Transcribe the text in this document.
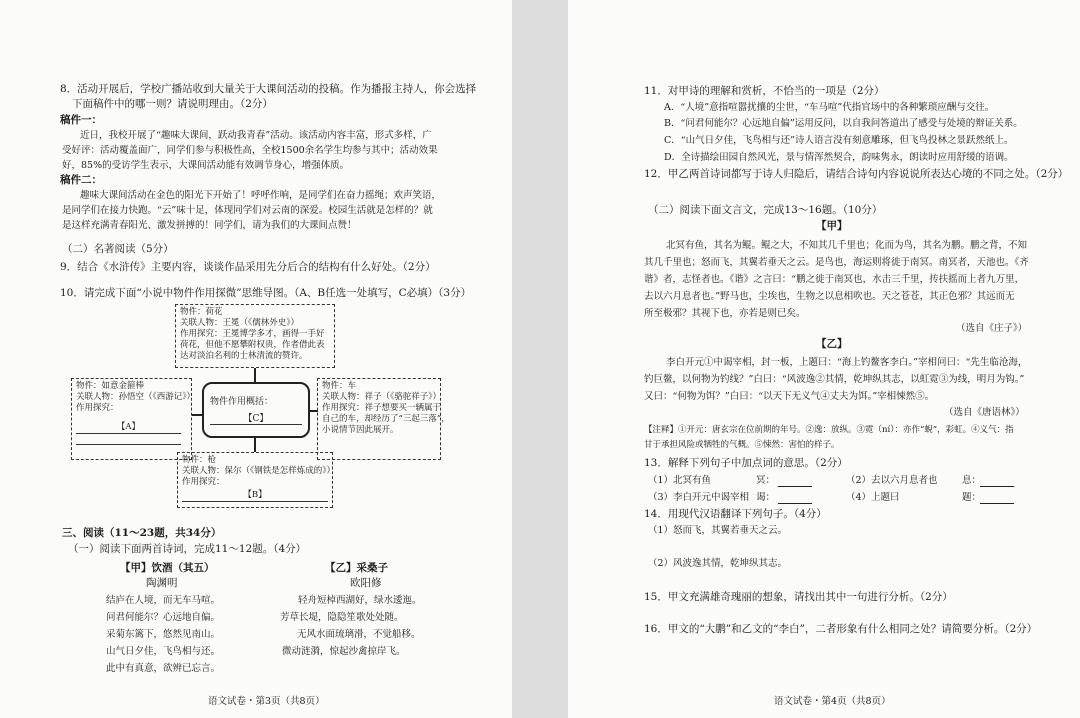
8．活动开展后，学校广播站收到大量关于大课间活动的投稿。作为播报主持人，你会选择
下面稿件中的哪一则？请说明理由。（2分）
稿件一：
近日，我校开展了“趣味大课间，跃动我青春”活动。该活动内容丰富，形式多样，广
受好评：活动覆盖面广，同学们参与积极性高，全校1500余名学生均参与其中；活动效果
好，85%的受访学生表示，大课间活动能有效调节身心，增强体质。
稿件二：
趣味大课间活动在金色的阳光下开始了！呼呼作响，是同学们在奋力摇绳；欢声笑语，
是同学们在接力快跑。“云”味十足，体现同学们对云南的深爱。校园生活就是怎样的？就
是这样充满青春阳光、激发拼搏的！同学们，请为我们的大课间点赞！
（二）名著阅读（5分）
9．结合《水浒传》主要内容，谈谈作品采用先分后合的结构有什么好处。（2分）
10．请完成下面“小说中物件作用探微”思维导图。（A、B任选一处填写，C必填）（3分）
物件：荷花
关联人物：王冕（《儒林外史》）
作用探究：王冕博学多才，画得一手好
荷花，但他不愿攀附权贵，作者借此表
达对淡泊名利的士林清流的赞许。
物件：如意金箍棒
关联人物：孙悟空（《西游记》）
作用探究：
【A】
物件作用概括：
【C】
物件：车
关联人物：祥子（《骆驼祥子》）
作用探究：祥子想要买一辆属于
自己的车，却经历了“三起三落”，
小说情节因此展开。
物件：枪
关联人物：保尔（《钢铁是怎样炼成的》）
作用探究：
【B】
三、阅读（11～23题，共34分）
（一）阅读下面两首诗词，完成11～12题。（4分）
【甲】饮酒（其五）
陶渊明
结庐在人境，而无车马喧。
问君何能尔？心远地自偏。
采菊东篱下，悠然见南山。
山气日夕佳，飞鸟相与还。
此中有真意，欲辨已忘言。
【乙】采桑子
欧阳修
轻舟短棹西湖好，绿水逶迤。
芳草长堤，隐隐笙歌处处随。
无风水面琉璃滑，不觉船移。
微动涟漪，惊起沙禽掠岸飞。
语文试卷・第3页（共8页）
11．对甲诗的理解和赏析，不恰当的一项是（2分）
A．“人境”意指喧嚣扰攘的尘世，“车马喧”代指官场中的各种繁琐应酬与交往。
B．“问君何能尔？心远地自偏”运用反问，以自我问答道出了感受与处境的辩证关系。
C．“山气日夕佳，飞鸟相与还”诗人语言没有刻意雕琢，但飞鸟投林之景跃然纸上。
D．全诗描绘田园自然风光，景与情浑然契合，韵味隽永，朗读时应用舒缓的语调。
12．甲乙两首诗词都写于诗人归隐后，请结合诗句内容说说所表达心境的不同之处。（2分）
（二）阅读下面文言文，完成13～16题。（10分）
【甲】
北冥有鱼，其名为鲲。鲲之大，不知其几千里也；化而为鸟，其名为鹏。鹏之背，不知
其几千里也；怒而飞，其翼若垂天之云。是鸟也，海运则将徙于南冥。南冥者，天池也。《齐
谐》者，志怪者也。《谐》之言曰：“鹏之徙于南冥也，水击三千里，抟扶摇而上者九万里，
去以六月息者也。”野马也，尘埃也，生物之以息相吹也。天之苍苍，其正色邪？其远而无
所至极邪？其视下也，亦若是则已矣。
（选自《庄子》）
【乙】
李白开元①中谒宰相，封一板，上题曰：“海上钓鳌客李白。”宰相问曰：“先生临沧海，
钓巨鳌，以何物为钓线？”白曰：“风波逸②其情，乾坤纵其志，以虹霓③为线，明月为钩。”
又曰：“何物为饵？”白曰：“以天下无义气④丈夫为饵。”宰相悚然⑤。
（选自《唐语林》）
【注释】①开元：唐玄宗在位前期的年号。②逸：放纵。③霓（ní）：亦作“蜺”，彩虹。④义气：指
甘于承担风险或牺牲的气概。⑤悚然：害怕的样子。
13．解释下列句子中加点词的意思。（2分）
（1）北冥有鱼	冥：	（2）去以六月息者也	息：
（3）李白开元中谒宰相 谒：	（4）上题曰	题：
14．用现代汉语翻译下列句子。（4分）
（1）怒而飞，其翼若垂天之云。
（2）风波逸其情，乾坤纵其志。
15．甲文充满雄奇瑰丽的想象，请找出其中一句进行分析。（2分）
16．甲文的“大鹏”和乙文的“李白”，二者形象有什么相同之处？请简要分析。（2分）
语文试卷・第4页（共8页）
